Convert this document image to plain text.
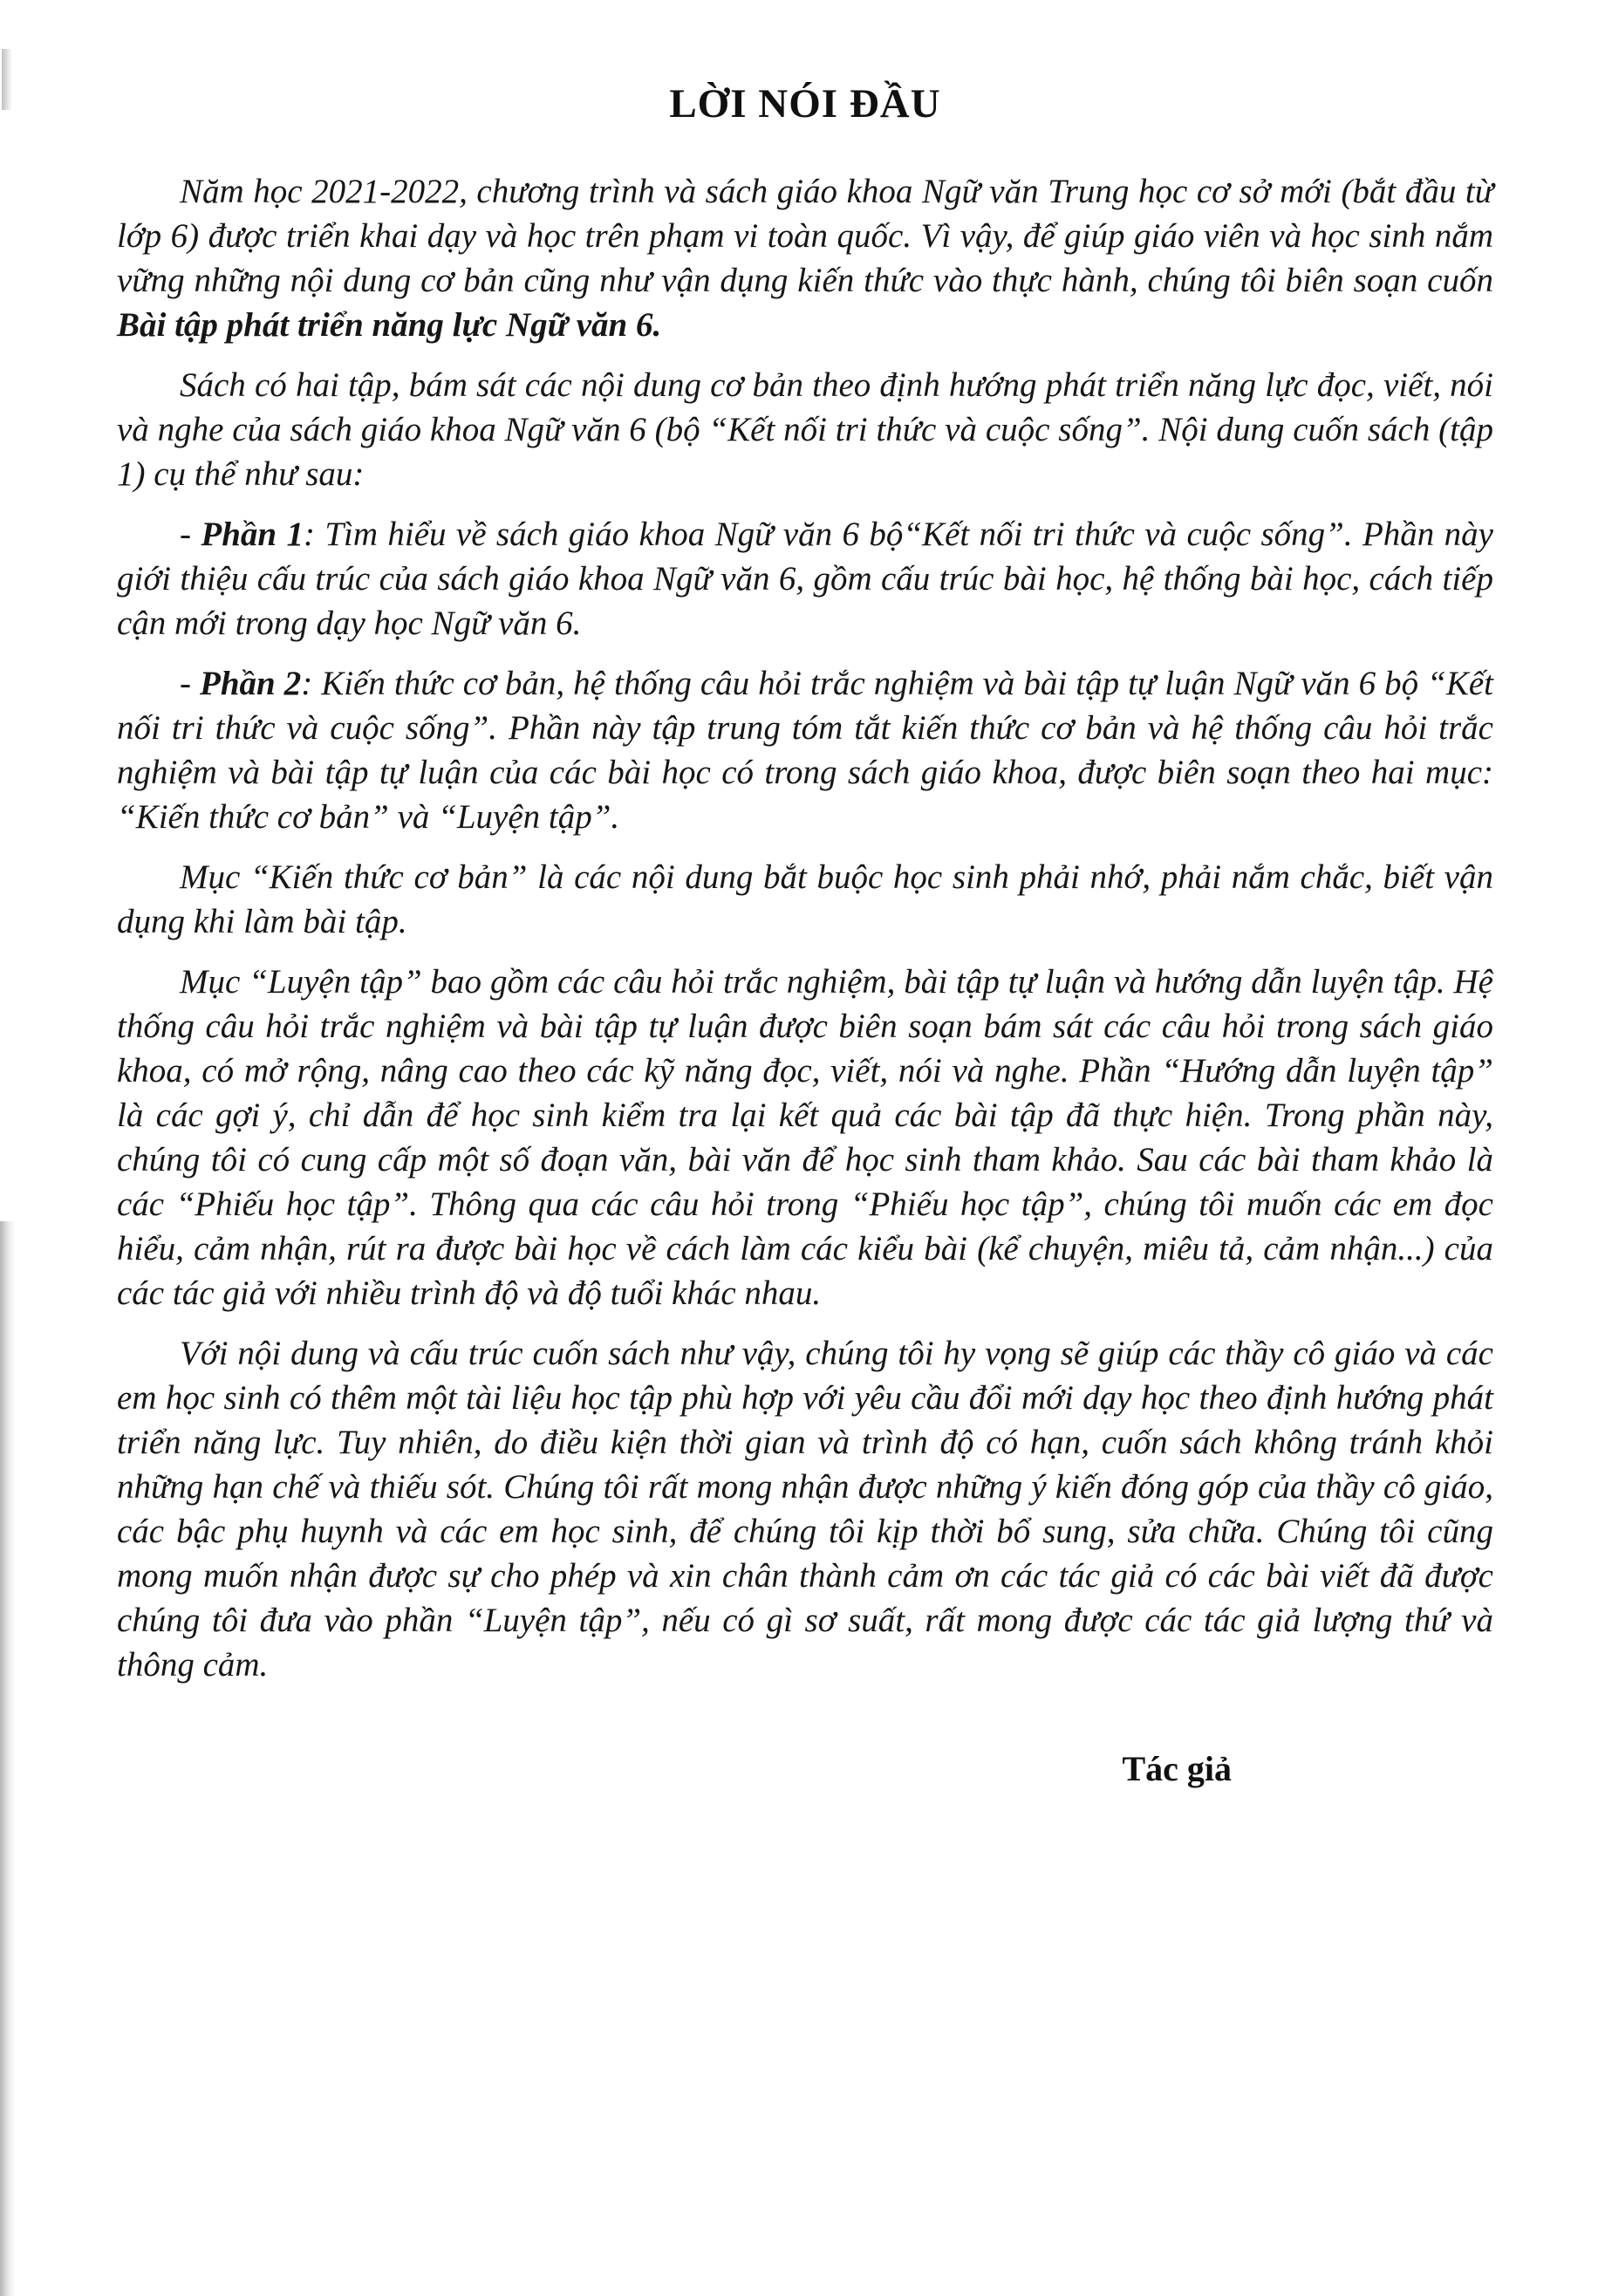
LỜI NÓI ĐẦU

Năm học 2021-2022, chương trình và sách giáo khoa Ngữ văn Trung học cơ sở mới (bắt đầu từ lớp 6) được triển khai dạy và học trên phạm vi toàn quốc. Vì vậy, để giúp giáo viên và học sinh nắm vững những nội dung cơ bản cũng như vận dụng kiến thức vào thực hành, chúng tôi biên soạn cuốn Bài tập phát triển năng lực Ngữ văn 6.

Sách có hai tập, bám sát các nội dung cơ bản theo định hướng phát triển năng lực đọc, viết, nói và nghe của sách giáo khoa Ngữ văn 6 (bộ “Kết nối tri thức và cuộc sống”. Nội dung cuốn sách (tập 1) cụ thể như sau:

- Phần 1: Tìm hiểu về sách giáo khoa Ngữ văn 6 bộ“Kết nối tri thức và cuộc sống”. Phần này giới thiệu cấu trúc của sách giáo khoa Ngữ văn 6, gồm cấu trúc bài học, hệ thống bài học, cách tiếp cận mới trong dạy học Ngữ văn 6.

- Phần 2: Kiến thức cơ bản, hệ thống câu hỏi trắc nghiệm và bài tập tự luận Ngữ văn 6 bộ “Kết nối tri thức và cuộc sống”. Phần này tập trung tóm tắt kiến thức cơ bản và hệ thống câu hỏi trắc nghiệm và bài tập tự luận của các bài học có trong sách giáo khoa, được biên soạn theo hai mục: “Kiến thức cơ bản” và “Luyện tập”.

Mục “Kiến thức cơ bản” là các nội dung bắt buộc học sinh phải nhớ, phải nắm chắc, biết vận dụng khi làm bài tập.

Mục “Luyện tập” bao gồm các câu hỏi trắc nghiệm, bài tập tự luận và hướng dẫn luyện tập. Hệ thống câu hỏi trắc nghiệm và bài tập tự luận được biên soạn bám sát các câu hỏi trong sách giáo khoa, có mở rộng, nâng cao theo các kỹ năng đọc, viết, nói và nghe. Phần “Hướng dẫn luyện tập” là các gợi ý, chỉ dẫn để học sinh kiểm tra lại kết quả các bài tập đã thực hiện. Trong phần này, chúng tôi có cung cấp một số đoạn văn, bài văn để học sinh tham khảo. Sau các bài tham khảo là các “Phiếu học tập”. Thông qua các câu hỏi trong “Phiếu học tập”, chúng tôi muốn các em đọc hiểu, cảm nhận, rút ra được bài học về cách làm các kiểu bài (kể chuyện, miêu tả, cảm nhận...) của các tác giả với nhiều trình độ và độ tuổi khác nhau.

Với nội dung và cấu trúc cuốn sách như vậy, chúng tôi hy vọng sẽ giúp các thầy cô giáo và các em học sinh có thêm một tài liệu học tập phù hợp với yêu cầu đổi mới dạy học theo định hướng phát triển năng lực. Tuy nhiên, do điều kiện thời gian và trình độ có hạn, cuốn sách không tránh khỏi những hạn chế và thiếu sót. Chúng tôi rất mong nhận được những ý kiến đóng góp của thầy cô giáo, các bậc phụ huynh và các em học sinh, để chúng tôi kịp thời bổ sung, sửa chữa. Chúng tôi cũng mong muốn nhận được sự cho phép và xin chân thành cảm ơn các tác giả có các bài viết đã được chúng tôi đưa vào phần “Luyện tập”, nếu có gì sơ suất, rất mong được các tác giả lượng thứ và thông cảm.

Tác giả
